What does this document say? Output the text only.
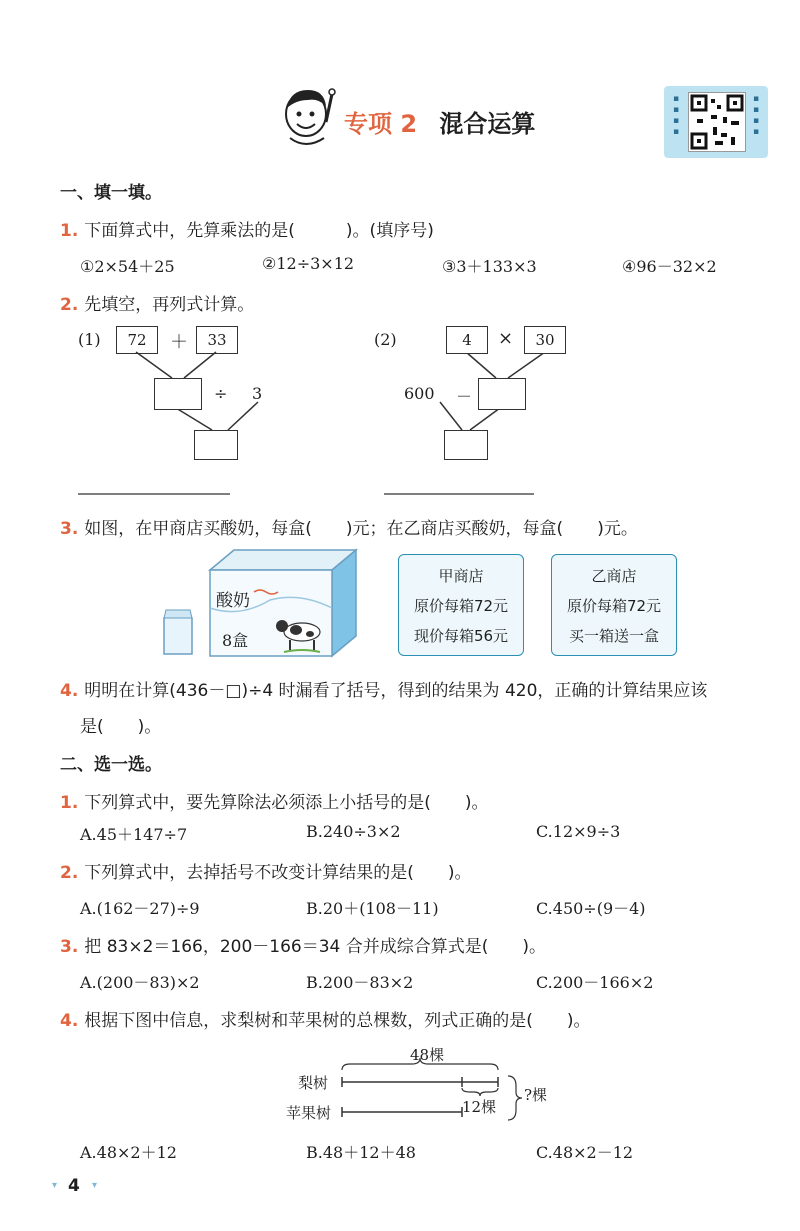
专项 2 混合运算
▪
▪
▪
▪
▪
▪
▪
▪
一、填一填。
1. 下面算式中，先算乘法的是(　　　)。(填序号)
①2×54＋25	②12÷3×12	③3＋133×3	④96－32×2
2. 先填空，再列式计算。
(1)	72	＋	33
÷ 3
(2)	4	×	30
600 －
3. 如图，在甲商店买酸奶，每盒(　　)元；在乙商店买酸奶，每盒(　　)元。
酸奶
8盒
甲商店
原价每箱72元
现价每箱56元
乙商店
原价每箱72元
买一箱送一盒
4. 明明在计算(436－□)÷4 时漏看了括号，得到的结果为 420，正确的计算结果应该
是(　　)。
二、选一选。
1. 下列算式中，要先算除法必须添上小括号的是(　　)。
A.45＋147÷7	B.240÷3×2	C.12×9÷3
2. 下列算式中，去掉括号不改变计算结果的是(　　)。
A.(162－27)÷9	B.20＋(108－11)	C.450÷(9－4)
3. 把 83×2＝166，200－166＝34 合并成综合算式是(　　)。
A.(200－83)×2	B.200－83×2	C.200－166×2
4. 根据下图中信息，求梨树和苹果树的总棵数，列式正确的是(　　)。
48棵
梨树
苹果树	12棵
?棵
A.48×2＋12	B.48＋12＋48	C.48×2－12
▾ 4 ▾
